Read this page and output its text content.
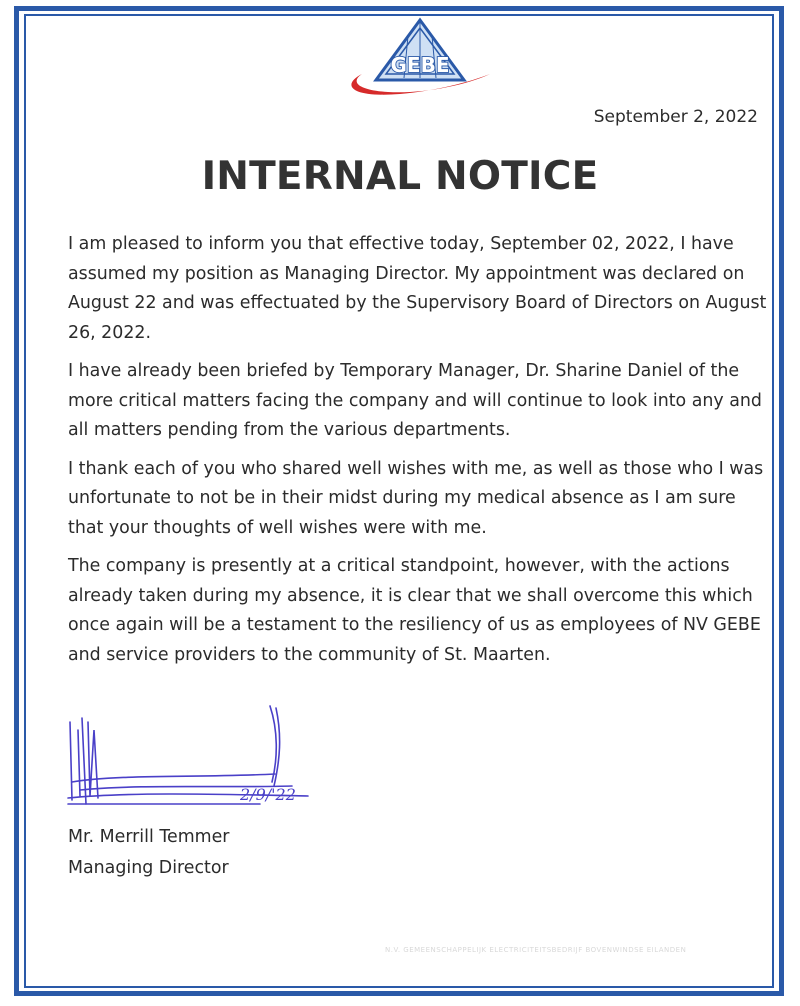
GEBE
September 2, 2022
INTERNAL NOTICE

I am pleased to inform you that effective today, September 02, 2022, I have assumed my position as Managing Director. My appointment was declared on August 22 and was effectuated by the Supervisory Board of Directors on August 26, 2022.

I have already been briefed by Temporary Manager, Dr. Sharine Daniel of the more critical matters facing the company and will continue to look into any and all matters pending from the various departments.

I thank each of you who shared well wishes with me, as well as those who I was unfortunate to not be in their midst during my medical absence as I am sure that your thoughts of well wishes were with me.

The company is presently at a critical standpoint, however, with the actions already taken during my absence, it is clear that we shall overcome this which once again will be a testament to the resiliency of us as employees of NV GEBE and service providers to the community of St. Maarten.

2/9/'22
Mr. Merrill Temmer
Managing Director
N.V. GEMEENSCHAPPELIJK ELECTRICITEITSBEDRIJF BOVENWINDSE EILANDEN
